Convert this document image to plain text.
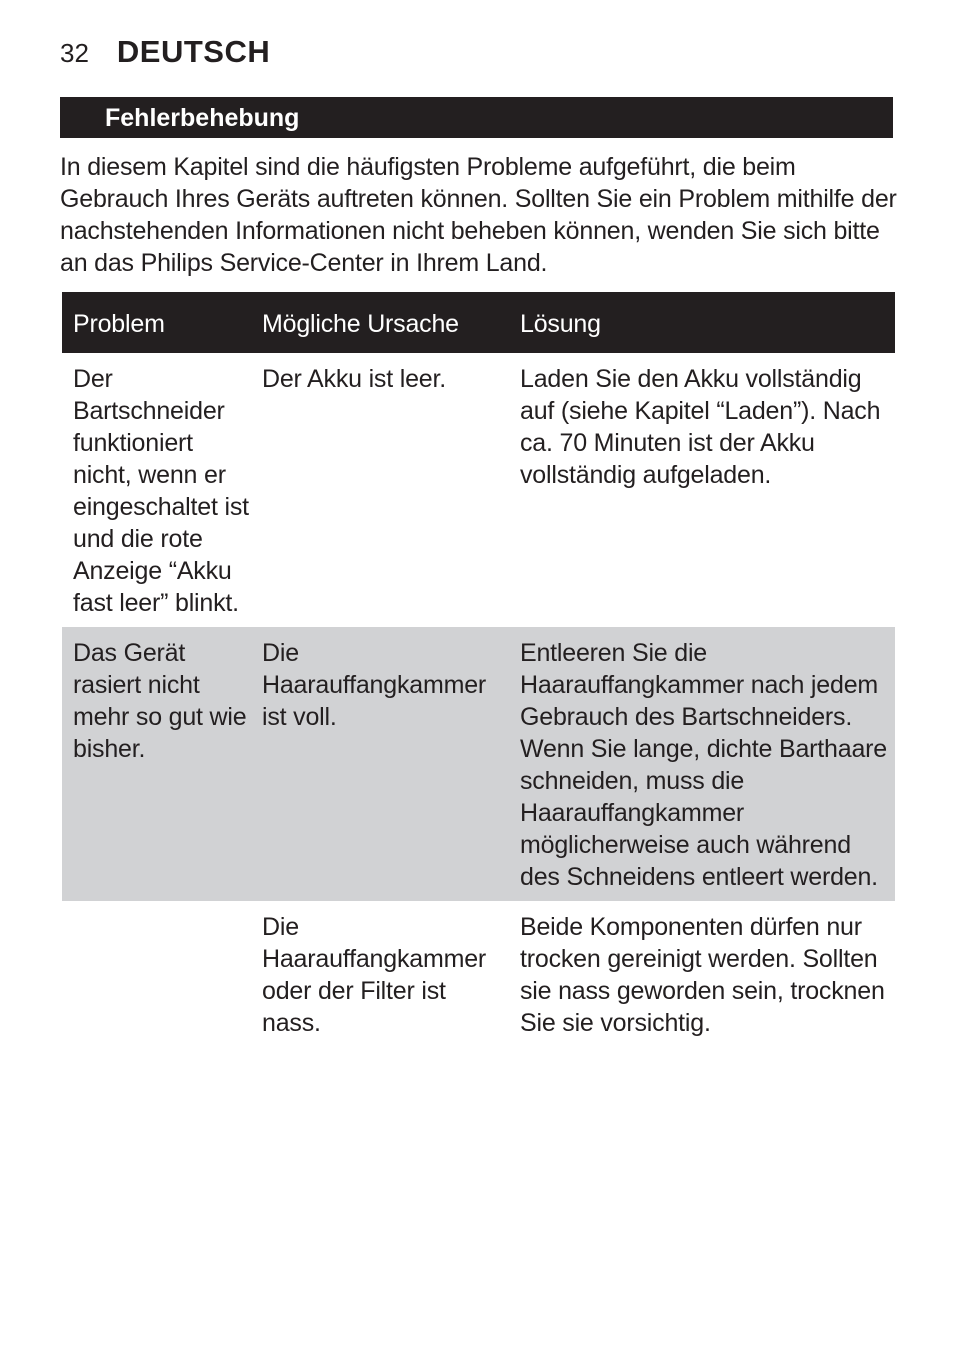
32 DEUTSCH
Fehlerbehebung

In diesem Kapitel sind die häufigsten Probleme aufgeführt, die beim Gebrauch Ihres Geräts auftreten können. Sollten Sie ein Problem mithilfe der nachstehenden Informationen nicht beheben können, wenden Sie sich bitte an das Philips Service-Center in Ihrem Land.

Problem	Mögliche Ursache	Lösung
Der Bartschneider funktioniert nicht, wenn er eingeschaltet ist und die rote Anzeige “Akku fast leer” blinkt.	Der Akku ist leer.	Laden Sie den Akku vollständig auf (siehe Kapitel “Laden”). Nach ca. 70 Minuten ist der Akku vollständig aufgeladen.
Das Gerät rasiert nicht mehr so gut wie bisher.	Die Haarauffangkammer ist voll.	Entleeren Sie die Haarauffangkammer nach jedem Gebrauch des Bartschneiders. Wenn Sie lange, dichte Barthaare schneiden, muss die Haarauffangkammer möglicherweise auch während des Schneidens entleert werden.
	Die Haarauffangkammer oder der Filter ist nass.	Beide Komponenten dürfen nur trocken gereinigt werden. Sollten sie nass geworden sein, trocknen Sie sie vorsichtig.
